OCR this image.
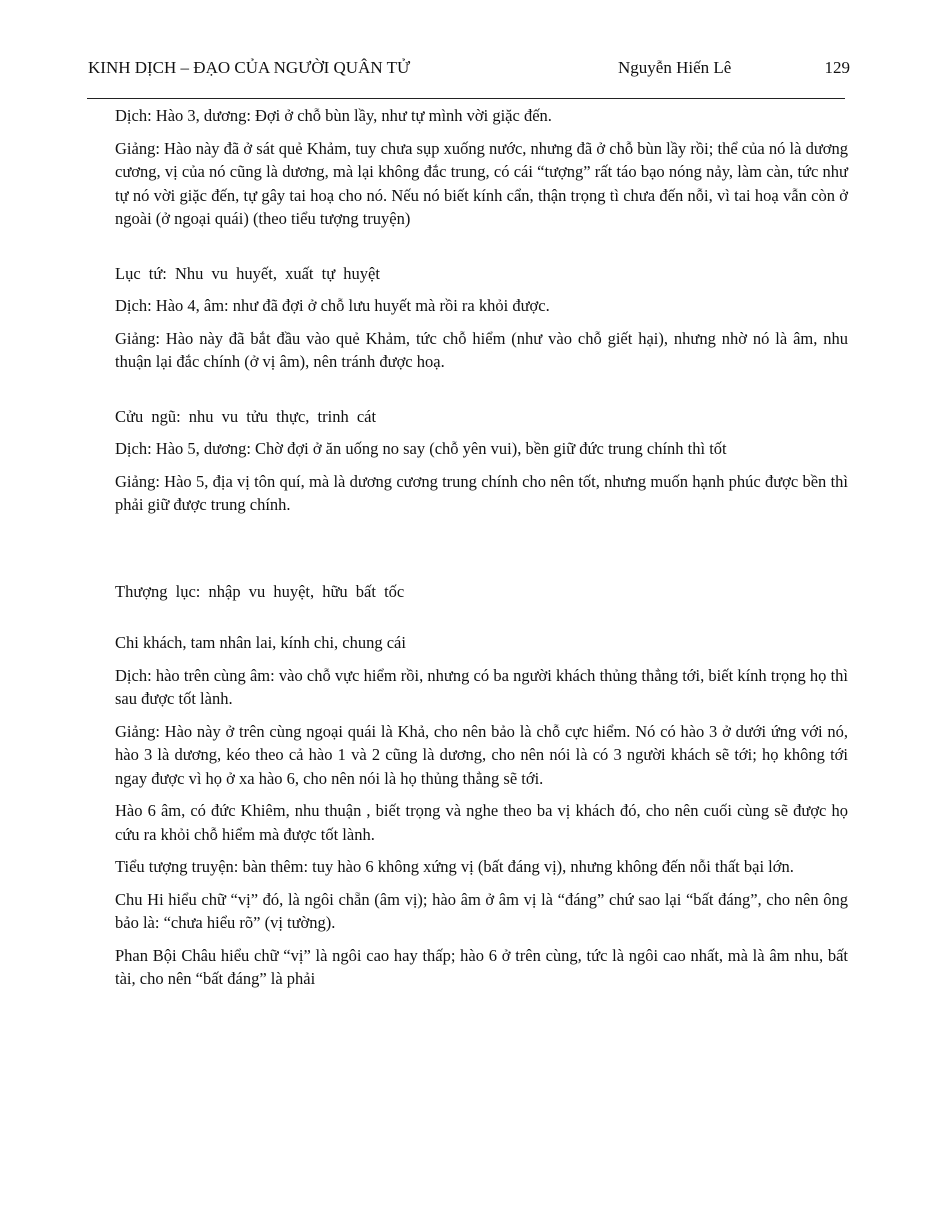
KINH DỊCH – ĐẠO CỦA NGƯỜI QUÂN TỬ	Nguyễn Hiến Lê	129

Dịch: Hào 3, dương: Đợi ở chỗ bùn lầy, như tự mình vời giặc đến.

Giảng: Hào này đã ở sát quẻ Khảm, tuy chưa sụp xuống nước, nhưng đã ở chỗ bùn lầy rồi; thể của nó là dương cương, vị của nó cũng là dương, mà lại không đắc trung, có cái “tượng” rất táo bạo nóng nảy, làm càn, tức như tự nó vời giặc đến, tự gây tai hoạ cho nó. Nếu nó biết kính cẩn, thận trọng tì chưa đến nỗi, vì tai hoạ vẫn còn ở ngoài (ở ngoại quái) (theo tiểu tượng truyện)

Lục tứ: Nhu vu huyết, xuất tự huyệt

Dịch: Hào 4, âm: như đã đợi ở chỗ lưu huyết mà rồi ra khỏi được.

Giảng: Hào này đã bắt đầu vào quẻ Khảm, tức chỗ hiểm (như vào chỗ giết hại), nhưng nhờ nó là âm, nhu thuận lại đắc chính (ở vị âm), nên tránh được hoạ.

Cửu ngũ: nhu vu tửu thực, trinh cát

Dịch: Hào 5, dương: Chờ đợi ở ăn uống no say (chỗ yên vui), bền giữ đức trung chính thì tốt

Giảng: Hào 5, địa vị tôn quí, mà là dương cương trung chính cho nên tốt, nhưng muốn hạnh phúc được bền thì phải giữ được trung chính.

Thượng lục: nhập vu huyệt, hữu bất tốc

Chi khách, tam nhân lai, kính chi, chung cái

Dịch: hào trên cùng âm: vào chỗ vực hiểm rồi, nhưng có ba người khách thủng thẳng tới, biết kính trọng họ thì sau được tốt lành.

Giảng: Hào này ở trên cùng ngoại quái là Khả, cho nên bảo là chỗ cực hiểm. Nó có hào 3 ở dưới ứng với nó, hào 3 là dương, kéo theo cả hào 1 và 2 cũng là dương, cho nên nói là có 3 người khách sẽ tới; họ không tới ngay được vì họ ở xa hào 6, cho nên nói là họ thủng thẳng sẽ tới.

Hào 6 âm, có đức Khiêm, nhu thuận , biết trọng và nghe theo ba vị khách đó, cho nên cuối cùng sẽ được họ cứu ra khỏi chỗ hiểm mà được tốt lành.

Tiểu tượng truyện: bàn thêm: tuy hào 6 không xứng vị (bất đáng vị), nhưng không đến nỗi thất bại lớn.

Chu Hi hiểu chữ “vị” đó, là ngôi chẵn (âm vị); hào âm ở âm vị là “đáng” chứ sao lại “bất đáng”, cho nên ông bảo là: “chưa hiểu rõ” (vị tường).

Phan Bội Châu hiểu chữ “vị” là ngôi cao hay thấp; hào 6 ở trên cùng, tức là ngôi cao nhất, mà là âm nhu, bất tài, cho nên “bất đáng” là phải
